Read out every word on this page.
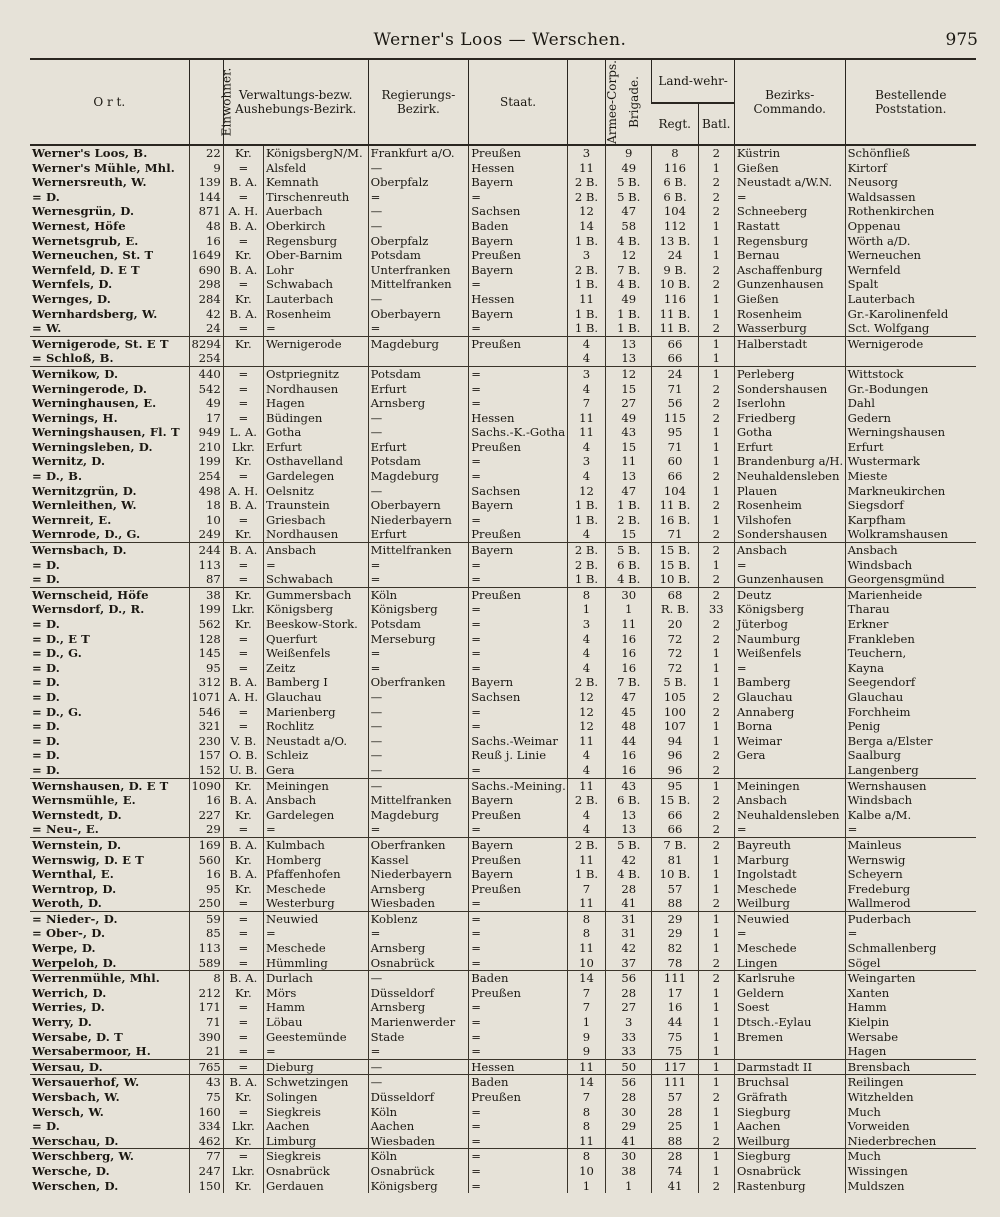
Werner's Loos — Werschen.	975
O r t.	Einwohner.	Verwaltungs-bezw. Aushebungs-Bezirk.		Regierungs-Bezirk.	Staat.	Armee-Corps.	Brigade.	Land-wehr-		Bezirks-Commando.	Bestellende Poststation.
								Regt.	Batl.		
Werner's Loos, B.	22	Kr.	KönigsbergN/M.	Frankfurt a/O.	Preußen	3	9	8	2	Küstrin	Schönfließ
Werner's Mühle, Mhl.	9	=	Alsfeld	—	Hessen	11	49	116	1	Gießen	Kirtorf
Wernersreuth, W.	139	B. A.	Kemnath	Oberpfalz	Bayern	2 B.	5 B.	6 B.	2	Neustadt a/W.N.	Neusorg
= D.	144	=	Tirschenreuth	=	=	2 B.	5 B.	6 B.	2	=	Waldsassen
Wernesgrün, D.	871	A. H.	Auerbach	—	Sachsen	12	47	104	2	Schneeberg	Rothenkirchen
Wernest, Höfe	48	B. A.	Oberkirch	—	Baden	14	58	112	1	Rastatt	Oppenau
Wernetsgrub, E.	16	=	Regensburg	Oberpfalz	Bayern	1 B.	4 B.	13 B.	1	Regensburg	Wörth a/D.
Werneuchen, St. T	1649	Kr.	Ober-Barnim	Potsdam	Preußen	3	12	24	1	Bernau	Werneuchen
Wernfeld, D. E T	690	B. A.	Lohr	Unterfranken	Bayern	2 B.	7 B.	9 B.	2	Aschaffenburg	Wernfeld
Wernfels, D.	298	=	Schwabach	Mittelfranken	=	1 B.	4 B.	10 B.	2	Gunzenhausen	Spalt
Wernges, D.	284	Kr.	Lauterbach	—	Hessen	11	49	116	1	Gießen	Lauterbach
Wernhardsberg, W.	42	B. A.	Rosenheim	Oberbayern	Bayern	1 B.	1 B.	11 B.	1	Rosenheim	Gr.-Karolinenfeld
= W.	24	=	=	=	=	1 B.	1 B.	11 B.	2	Wasserburg	Sct. Wolfgang
Wernigerode, St. E T	8294	Kr.	Wernigerode	Magdeburg	Preußen	4	13	66	1	Halberstadt	Wernigerode
= Schloß, B.	254					4	13	66	1		
Wernikow, D.	440	=	Ostpriegnitz	Potsdam	=	3	12	24	1	Perleberg	Wittstock
Werningerode, D.	542	=	Nordhausen	Erfurt	=	4	15	71	2	Sondershausen	Gr.-Bodungen
Werninghausen, E.	49	=	Hagen	Arnsberg	=	7	27	56	2	Iserlohn	Dahl
Wernings, H.	17	=	Büdingen	—	Hessen	11	49	115	2	Friedberg	Gedern
Werningshausen, Fl. T	949	L. A.	Gotha	—	Sachs.-K.-Gotha	11	43	95	1	Gotha	Werningshausen
Werningsleben, D.	210	Lkr.	Erfurt	Erfurt	Preußen	4	15	71	1	Erfurt	Erfurt
Wernitz, D.	199	Kr.	Osthavelland	Potsdam	=	3	11	60	1	Brandenburg a/H.	Wustermark
= D., B.	254	=	Gardelegen	Magdeburg	=	4	13	66	2	Neuhaldensleben	Mieste
Wernitzgrün, D.	498	A. H.	Oelsnitz	—	Sachsen	12	47	104	1	Plauen	Markneukirchen
Wernleithen, W.	18	B. A.	Traunstein	Oberbayern	Bayern	1 B.	1 B.	11 B.	2	Rosenheim	Siegsdorf
Wernreit, E.	10	=	Griesbach	Niederbayern	=	1 B.	2 B.	16 B.	1	Vilshofen	Karpfham
Wernrode, D., G.	249	Kr.	Nordhausen	Erfurt	Preußen	4	15	71	2	Sondershausen	Wolkramshausen
Wernsbach, D.	244	B. A.	Ansbach	Mittelfranken	Bayern	2 B.	5 B.	15 B.	2	Ansbach	Ansbach
= D.	113	=	=	=	=	2 B.	6 B.	15 B.	1	=	Windsbach
= D.	87	=	Schwabach	=	=	1 B.	4 B.	10 B.	2	Gunzenhausen	Georgensgmünd
Wernscheid, Höfe	38	Kr.	Gummersbach	Köln	Preußen	8	30	68	2	Deutz	Marienheide
Wernsdorf, D., R.	199	Lkr.	Königsberg	Königsberg	=	1	1	R. B.	33	Königsberg	Tharau
= D.	562	Kr.	Beeskow-Stork.	Potsdam	=	3	11	20	2	Jüterbog	Erkner
= D., E T	128	=	Querfurt	Merseburg	=	4	16	72	2	Naumburg	Frankleben
= D., G.	145	=	Weißenfels	=	=	4	16	72	1	Weißenfels	Teuchern,
= D.	95	=	Zeitz	=	=	4	16	72	1	=	Kayna
= D.	312	B. A.	Bamberg I	Oberfranken	Bayern	2 B.	7 B.	5 B.	1	Bamberg	Seegendorf
= D.	1071	A. H.	Glauchau	—	Sachsen	12	47	105	2	Glauchau	Glauchau
= D., G.	546	=	Marienberg	—	=	12	45	100	2	Annaberg	Forchheim
= D.	321	=	Rochlitz	—	=	12	48	107	1	Borna	Penig
= D.	230	V. B.	Neustadt a/O.	—	Sachs.-Weimar	11	44	94	1	Weimar	Berga a/Elster
= D.	157	O. B.	Schleiz	—	Reuß j. Linie	4	16	96	2	Gera	Saalburg
= D.	152	U. B.	Gera	—	=	4	16	96	2		Langenberg
Wernshausen, D. E T	1090	Kr.	Meiningen	—	Sachs.-Meining.	11	43	95	1	Meiningen	Wernshausen
Wernsmühle, E.	16	B. A.	Ansbach	Mittelfranken	Bayern	2 B.	6 B.	15 B.	2	Ansbach	Windsbach
Wernstedt, D.	227	Kr.	Gardelegen	Magdeburg	Preußen	4	13	66	2	Neuhaldensleben	Kalbe a/M.
= Neu-, E.	29	=	=	=	=	4	13	66	2	=	=
Wernstein, D.	169	B. A.	Kulmbach	Oberfranken	Bayern	2 B.	5 B.	7 B.	2	Bayreuth	Mainleus
Wernswig, D. E T	560	Kr.	Homberg	Kassel	Preußen	11	42	81	1	Marburg	Wernswig
Wernthal, E.	16	B. A.	Pfaffenhofen	Niederbayern	Bayern	1 B.	4 B.	10 B.	1	Ingolstadt	Scheyern
Werntrop, D.	95	Kr.	Meschede	Arnsberg	Preußen	7	28	57	1	Meschede	Fredeburg
Weroth, D.	250	=	Westerburg	Wiesbaden	=	11	41	88	2	Weilburg	Wallmerod
= Nieder-, D.	59	=	Neuwied	Koblenz	=	8	31	29	1	Neuwied	Puderbach
= Ober-, D.	85	=	=	=	=	8	31	29	1	=	=
Werpe, D.	113	=	Meschede	Arnsberg	=	11	42	82	1	Meschede	Schmallenberg
Werpeloh, D.	589	=	Hümmling	Osnabrück	=	10	37	78	2	Lingen	Sögel
Werrenmühle, Mhl.	8	B. A.	Durlach	—	Baden	14	56	111	2	Karlsruhe	Weingarten
Werrich, D.	212	Kr.	Mörs	Düsseldorf	Preußen	7	28	17	1	Geldern	Xanten
Werries, D.	171	=	Hamm	Arnsberg	=	7	27	16	1	Soest	Hamm
Werry, D.	71	=	Löbau	Marienwerder	=	1	3	44	1	Dtsch.-Eylau	Kielpin
Wersabe, D. T	390	=	Geestemünde	Stade	=	9	33	75	1	Bremen	Wersabe
Wersabermoor, H.	21	=	=	=	=	9	33	75	1		Hagen
Wersau, D.	765	=	Dieburg	—	Hessen	11	50	117	1	Darmstadt II	Brensbach
Wersauerhof, W.	43	B. A.	Schwetzingen	—	Baden	14	56	111	1	Bruchsal	Reilingen
Wersbach, W.	75	Kr.	Solingen	Düsseldorf	Preußen	7	28	57	2	Gräfrath	Witzhelden
Wersch, W.	160	=	Siegkreis	Köln	=	8	30	28	1	Siegburg	Much
= D.	334	Lkr.	Aachen	Aachen	=	8	29	25	1	Aachen	Vorweiden
Werschau, D.	462	Kr.	Limburg	Wiesbaden	=	11	41	88	2	Weilburg	Niederbrechen
Werschberg, W.	77	=	Siegkreis	Köln	=	8	30	28	1	Siegburg	Much
Wersche, D.	247	Lkr.	Osnabrück	Osnabrück	=	10	38	74	1	Osnabrück	Wissingen
Werschen, D.	150	Kr.	Gerdauen	Königsberg	=	1	1	41	2	Rastenburg	Muldszen
